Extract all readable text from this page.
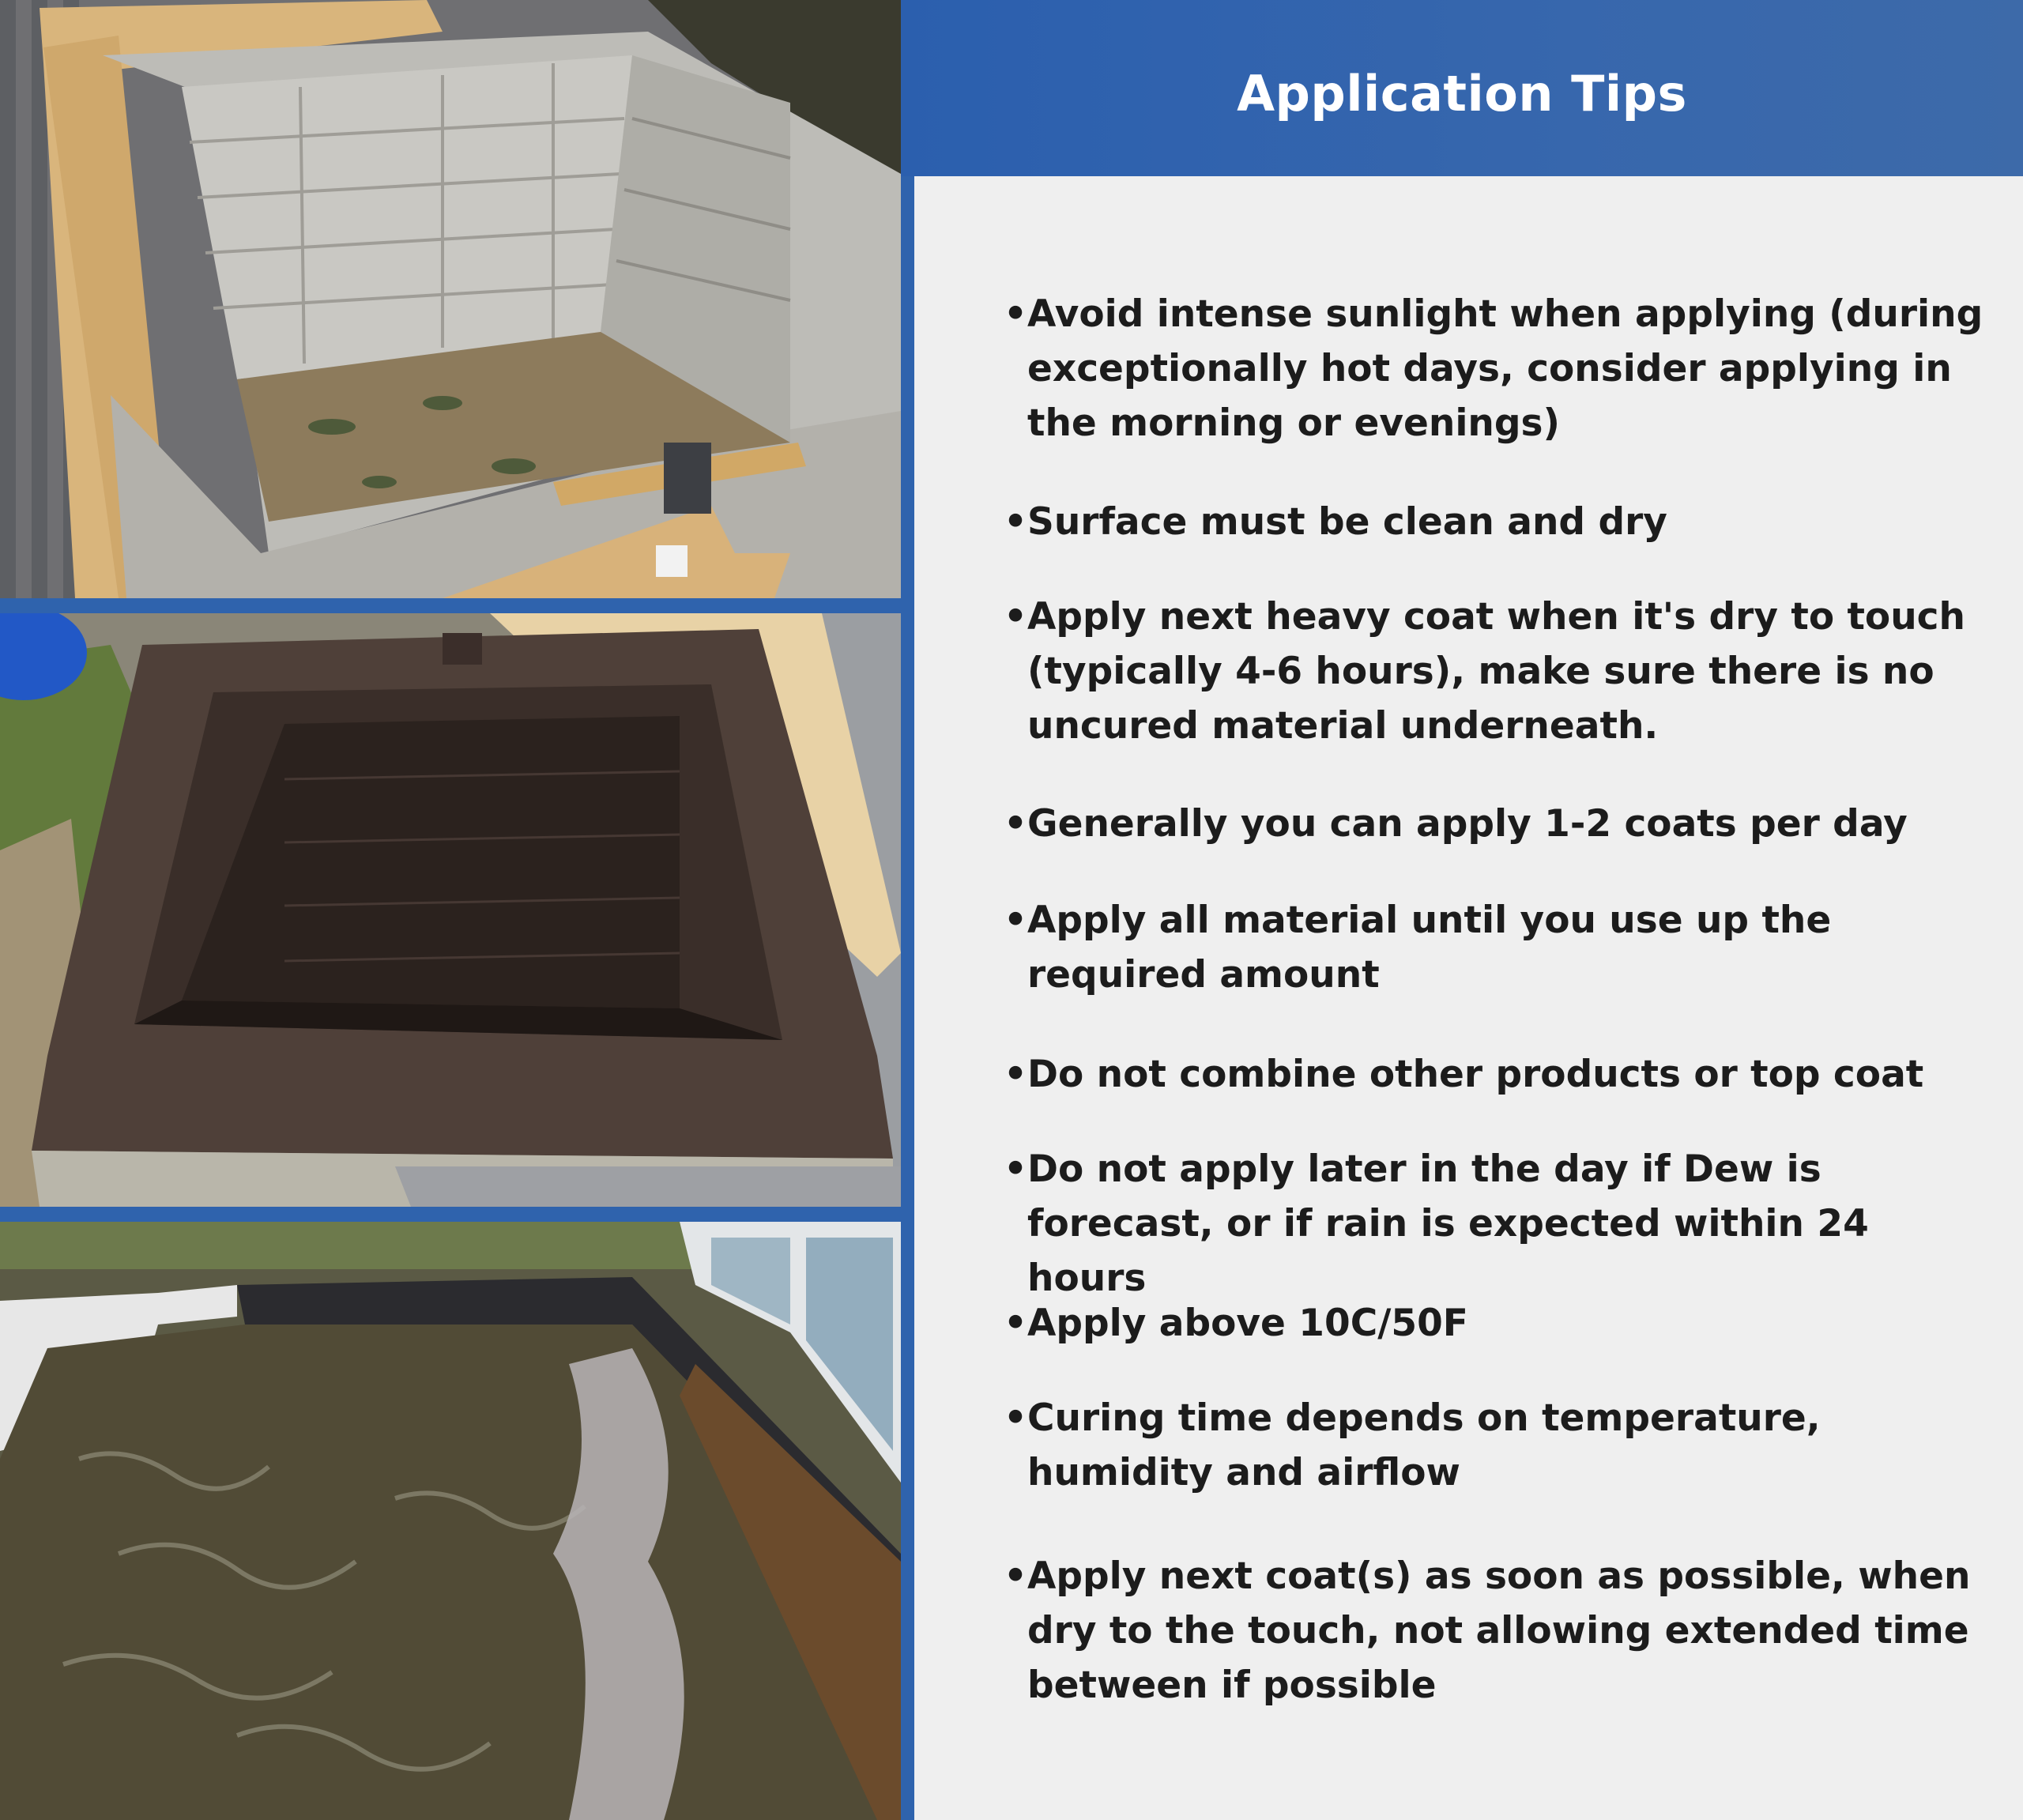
Application Tips
• Avoid intense sunlight when applying (during exceptionally hot days, consider applying in the morning or evenings)
• Surface must be clean and dry
• Apply next heavy coat when it's dry to touch (typically 4-6 hours), make sure there is no uncured material underneath.
• Generally you can apply 1-2 coats per day
• Apply all material until you use up the required amount
• Do not combine other products or top coat
• Do not apply later in the day if Dew is forecast, or if rain is expected within 24 hours
• Apply above 10C/50F
• Curing time depends on temperature, humidity and airflow
• Apply next coat(s) as soon as possible, when dry to the touch, not allowing extended time between if possible
